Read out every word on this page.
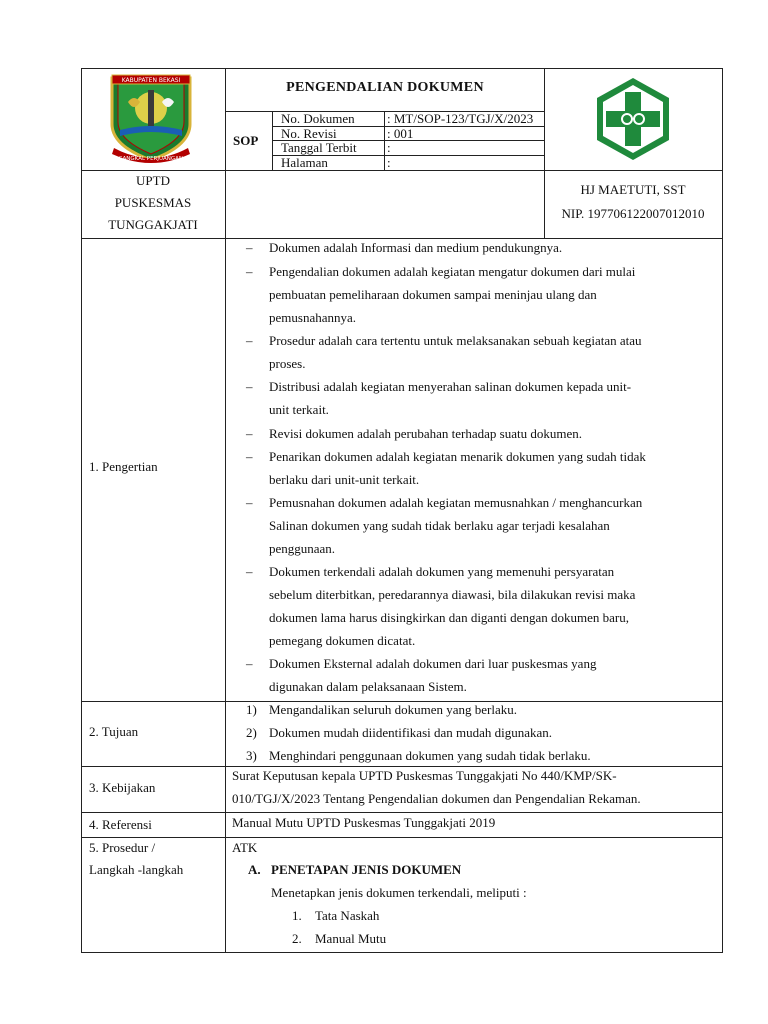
KABUPATEN BEKASI
SANGKAL PERJUANGAN
PENGENDALIAN DOKUMEN
SOP
No. Dokumen : MT/SOP-123/TGJ/X/2023
No. Revisi	: 001
Tanggal Terbit :
Halaman	:
UPTD
PUSKESMAS
TUNGGAKJATI
HJ MAETUTI, SST
NIP. 197706122007012010
1. Pengertian
– Dokumen adalah Informasi dan medium pendukungnya.
– Pengendalian dokumen adalah kegiatan mengatur dokumen dari mulai
pembuatan pemeliharaan dokumen sampai meninjau ulang dan
pemusnahannya.
– Prosedur adalah cara tertentu untuk melaksanakan sebuah kegiatan atau
proses.
– Distribusi adalah kegiatan menyerahan salinan dokumen kepada unit-
unit terkait.
– Revisi dokumen adalah perubahan terhadap suatu dokumen.
– Penarikan dokumen adalah kegiatan menarik dokumen yang sudah tidak
berlaku dari unit-unit terkait.
– Pemusnahan dokumen adalah kegiatan memusnahkan / menghancurkan
Salinan dokumen yang sudah tidak berlaku agar terjadi kesalahan
penggunaan.
– Dokumen terkendali adalah dokumen yang memenuhi persyaratan
sebelum diterbitkan, peredarannya diawasi, bila dilakukan revisi maka
dokumen lama harus disingkirkan dan diganti dengan dokumen baru,
pemegang dokumen dicatat.
– Dokumen Eksternal adalah dokumen dari luar puskesmas yang
digunakan dalam pelaksanaan Sistem.
2. Tujuan
1) Mengandalikan seluruh dokumen yang berlaku.
2) Dokumen mudah diidentifikasi dan mudah digunakan.
3) Menghindari penggunaan dokumen yang sudah tidak berlaku.
3. Kebijakan
Surat Keputusan kepala UPTD Puskesmas Tunggakjati No 440/KMP/SK-
010/TGJ/X/2023 Tentang Pengendalian dokumen dan Pengendalian Rekaman.
4. Referensi	Manual Mutu UPTD Puskesmas Tunggakjati 2019
5. Prosedur /
Langkah -langkah
ATK
A. PENETAPAN JENIS DOKUMEN
Menetapkan jenis dokumen terkendali, meliputi :
1. Tata Naskah
2. Manual Mutu
